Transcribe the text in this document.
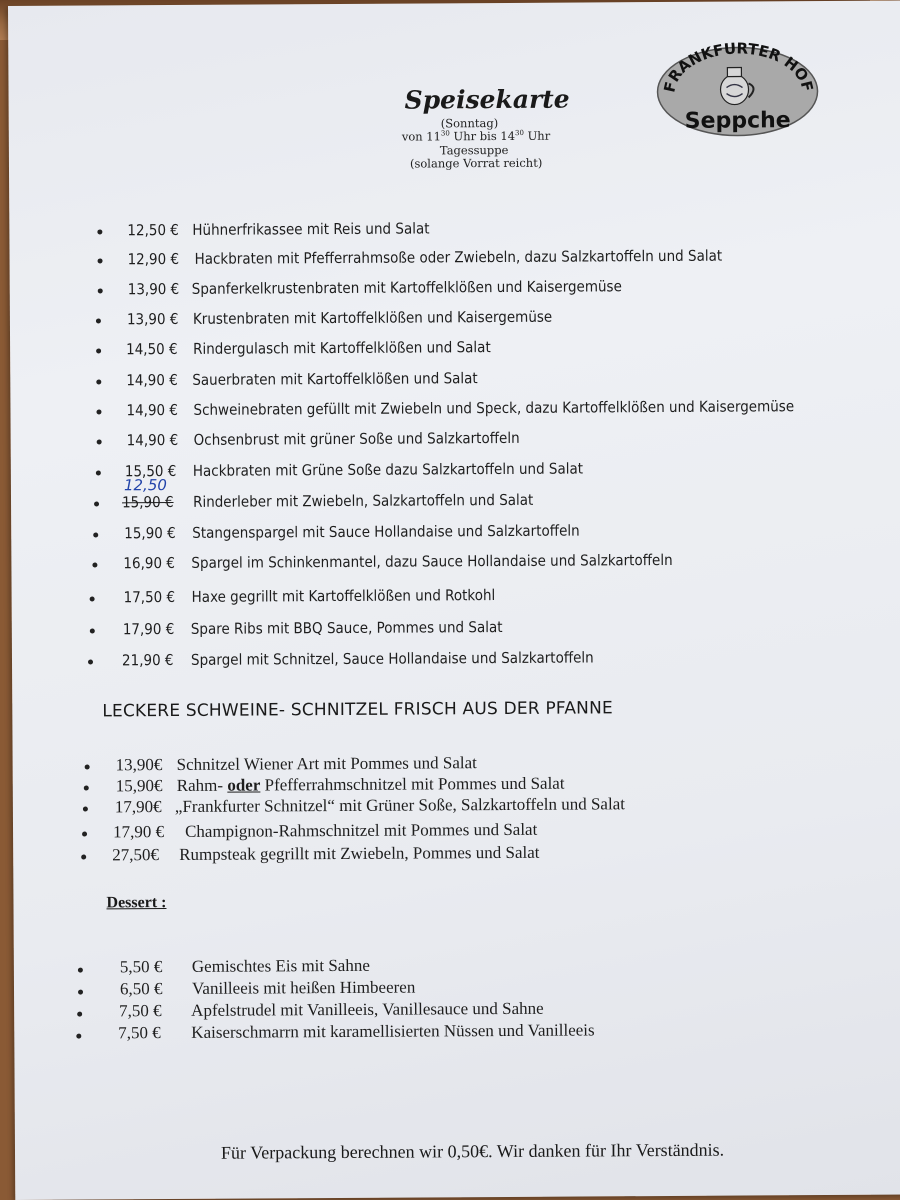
Speisekarte
(Sonntag)
von $11^{30}$ Uhr bis $14^{30}$ Uhr
Tagessuppe
(solange Vorrat reicht)
FRANKFURTER HOF
Seppche
12,50 € Hühnerfrikassee mit Reis und Salat
12,90 € Hackbraten mit Pfefferrahmsoße oder Zwiebeln, dazu Salzkartoffeln und Salat
13,90 € Spanferkelkrustenbraten mit Kartoffelklößen und Kaisergemüse
13,90 € Krustenbraten mit Kartoffelklößen und Kaisergemüse
14,50 € Rindergulasch mit Kartoffelklößen und Salat
14,90 € Sauerbraten mit Kartoffelklößen und Salat
14,90 € Schweinebraten gefüllt mit Zwiebeln und Speck, dazu Kartoffelklößen und Kaisergemüse
14,90 € Ochsenbrust mit grüner Soße und Salzkartoffeln
15,50 € Hackbraten mit Grüne Soße dazu Salzkartoffeln und Salat
15,90 € Rinderleber mit Zwiebeln, Salzkartoffeln und Salat
12,50
15,90 € Stangenspargel mit Sauce Hollandaise und Salzkartoffeln
16,90 € Spargel im Schinkenmantel, dazu Sauce Hollandaise und Salzkartoffeln
17,50 € Haxe gegrillt mit Kartoffelklößen und Rotkohl
17,90 € Spare Ribs mit BBQ Sauce, Pommes und Salat
21,90 € Spargel mit Schnitzel, Sauce Hollandaise und Salzkartoffeln
LECKERE SCHWEINE- SCHNITZEL FRISCH AUS DER PFANNE
13,90€ Schnitzel Wiener Art mit Pommes und Salat
15,90€ Rahm- oder Pfefferrahmschnitzel mit Pommes und Salat
17,90€ „Frankfurter Schnitzel“ mit Grüner Soße, Salzkartoffeln und Salat
17,90 € Champignon-Rahmschnitzel mit Pommes und Salat
27,50€ Rumpsteak gegrillt mit Zwiebeln, Pommes und Salat
Dessert :
5,50 € Gemischtes Eis mit Sahne
6,50 € Vanilleeis mit heißen Himbeeren
7,50 € Apfelstrudel mit Vanilleeis, Vanillesauce und Sahne
7,50 € Kaiserschmarrn mit karamellisierten Nüssen und Vanilleeis
Für Verpackung berechnen wir 0,50€. Wir danken für Ihr Verständnis.
